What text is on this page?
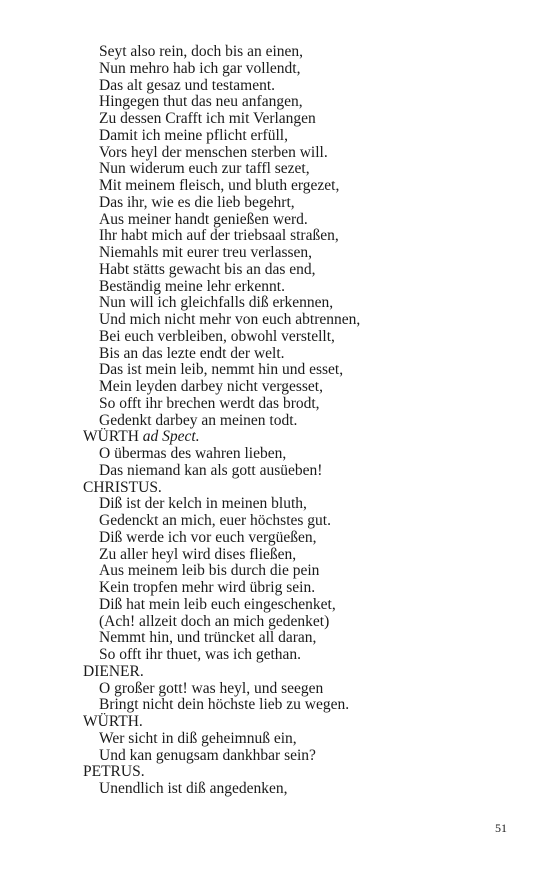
Seyt also rein, doch bis an einen,
Nun mehro hab ich gar vollendt,
Das alt gesaz und testament.
Hingegen thut das neu anfangen,
Zu dessen Crafft ich mit Verlangen
Damit ich meine pflicht erfüll,
Vors heyl der menschen sterben will.
Nun widerum euch zur taffl sezet,
Mit meinem fleisch, und bluth ergezet,
Das ihr, wie es die lieb begehrt,
Aus meiner handt genießen werd.
Ihr habt mich auf der triebsaal straßen,
Niemahls mit eurer treu verlassen,
Habt stätts gewacht bis an das end,
Beständig meine lehr erkennt.
Nun will ich gleichfalls diß erkennen,
Und mich nicht mehr von euch abtrennen,
Bei euch verbleiben, obwohl verstellt,
Bis an das lezte endt der welt.
Das ist mein leib, nemmt hin und esset,
Mein leyden darbey nicht vergesset,
So offt ihr brechen werdt das brodt,
Gedenkt darbey an meinen todt.
WÜRTH ad Spect.
O übermas des wahren lieben,
Das niemand kan als gott ausüeben!
CHRISTUS.
Diß ist der kelch in meinen bluth,
Gedenckt an mich, euer höchstes gut.
Diß werde ich vor euch vergüeßen,
Zu aller heyl wird dises fließen,
Aus meinem leib bis durch die pein
Kein tropfen mehr wird übrig sein.
Diß hat mein leib euch eingeschenket,
(Ach! allzeit doch an mich gedenket)
Nemmt hin, und trüncket all daran,
So offt ihr thuet, was ich gethan.
DIENER.
O großer gott! was heyl, und seegen
Bringt nicht dein höchste lieb zu wegen.
WÜRTH.
Wer sicht in diß geheimnuß ein,
Und kan genugsam dankhbar sein?
PETRUS.
Unendlich ist diß angedenken,
51
